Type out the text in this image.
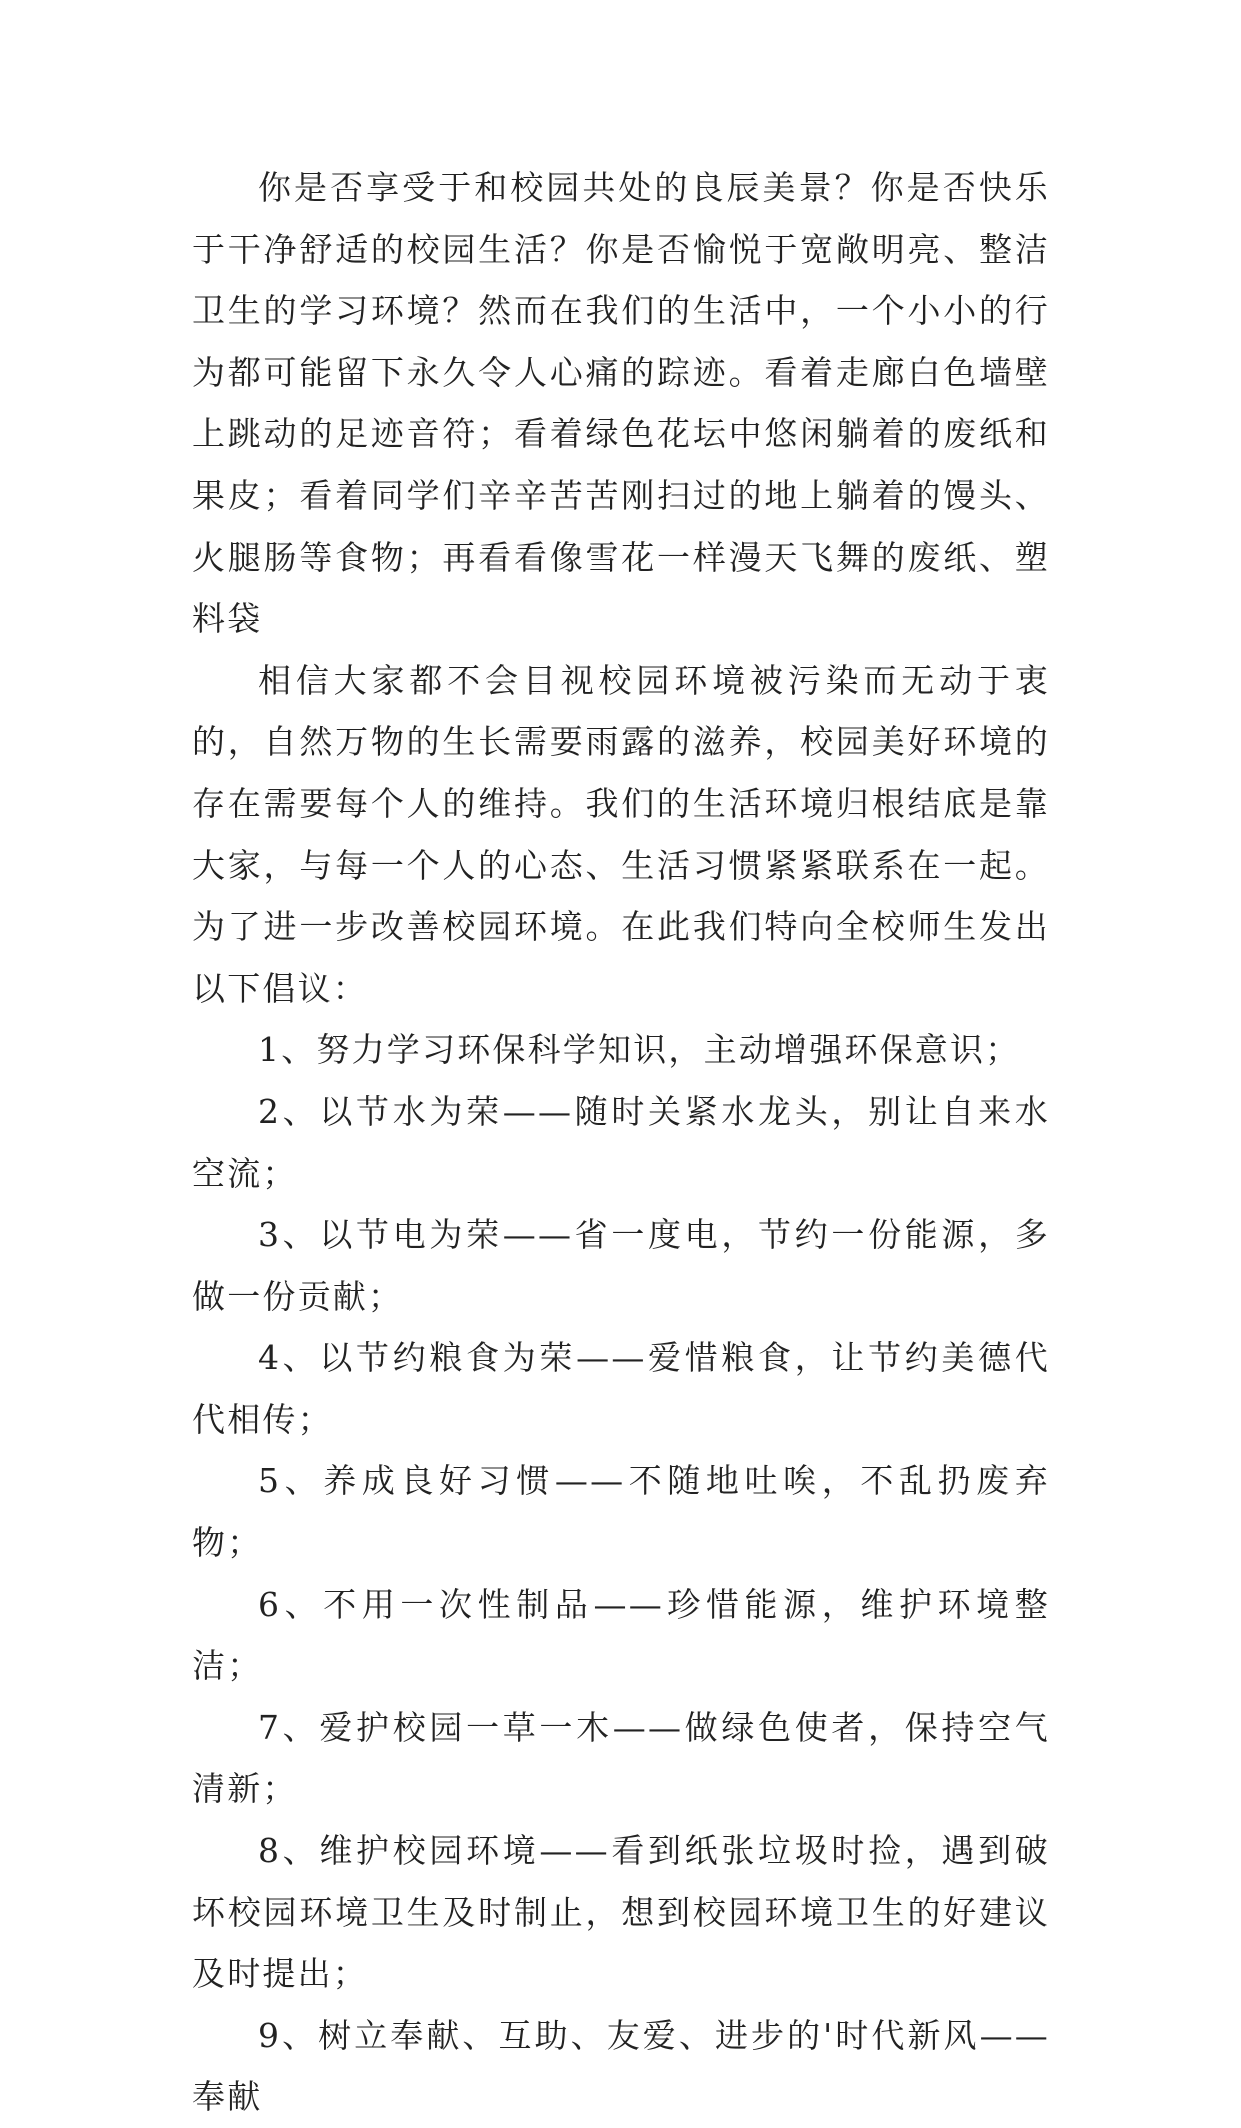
你是否享受于和校园共处的良辰美景？你是否快乐于干净舒适的校园生活？你是否愉悦于宽敞明亮、整洁卫生的学习环境？然而在我们的生活中，一个小小的行为都可能留下永久令人心痛的踪迹。看着走廊白色墙壁上跳动的足迹音符；看着绿色花坛中悠闲躺着的废纸和果皮；看着同学们辛辛苦苦刚扫过的地上躺着的馒头、火腿肠等食物；再看看像雪花一样漫天飞舞的废纸、塑料袋

相信大家都不会目视校园环境被污染而无动于衷的，自然万物的生长需要雨露的滋养，校园美好环境的存在需要每个人的维持。我们的生活环境归根结底是靠大家，与每一个人的心态、生活习惯紧紧联系在一起。为了进一步改善校园环境。在此我们特向全校师生发出以下倡议：

1、努力学习环保科学知识，主动增强环保意识；

2、以节水为荣——随时关紧水龙头，别让自来水空流；

3、以节电为荣——省一度电，节约一份能源，多做一份贡献；

4、以节约粮食为荣——爱惜粮食，让节约美德代代相传；

5、养成良好习惯——不随地吐唉，不乱扔废弃物；

6、不用一次性制品——珍惜能源，维护环境整洁；

7、爱护校园一草一木——做绿色使者，保持空气清新；

8、维护校园环境——看到纸张垃圾时捡，遇到破坏校园环境卫生及时制止，想到校园环境卫生的好建议及时提出；

9、树立奉献、互助、友爱、进步的'时代新风——奉献
